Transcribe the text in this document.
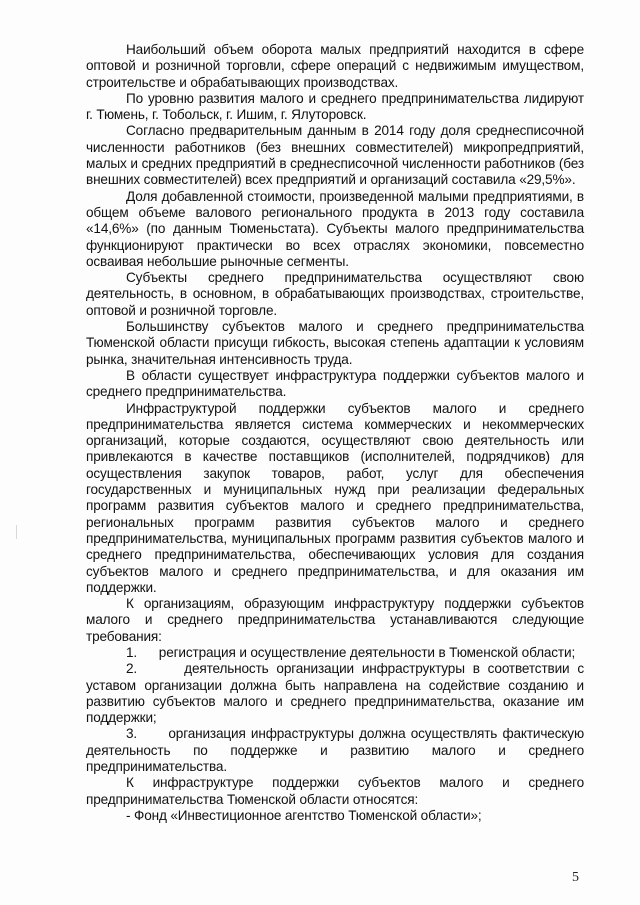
Наибольший объем оборота малых предприятий находится в сфере оптовой и розничной торговли, сфере операций с недвижимым имуществом, строительстве и обрабатывающих производствах.

По уровню развития малого и среднего предпринимательства лидируют г. Тюмень, г. Тобольск, г. Ишим, г. Ялуторовск.

Согласно предварительным данным в 2014 году доля среднесписочной численности работников (без внешних совместителей) микропредприятий, малых и средних предприятий в среднесписочной численности работников (без внешних совместителей) всех предприятий и организаций составила «29,5%».

Доля добавленной стоимости, произведенной малыми предприятиями, в общем объеме валового регионального продукта в 2013 году составила «14,6%» (по данным Тюменьстата). Субъекты малого предпринимательства функционируют практически во всех отраслях экономики, повсеместно осваивая небольшие рыночные сегменты.

Субъекты среднего предпринимательства осуществляют свою деятельность, в основном, в обрабатывающих производствах, строительстве, оптовой и розничной торговле.

Большинству субъектов малого и среднего предпринимательства Тюменской области присущи гибкость, высокая степень адаптации к условиям рынка, значительная интенсивность труда.

В области существует инфраструктура поддержки субъектов малого и среднего предпринимательства.

Инфраструктурой поддержки субъектов малого и среднего предпринимательства является система коммерческих и некоммерческих организаций, которые создаются, осуществляют свою деятельность или привлекаются в качестве поставщиков (исполнителей, подрядчиков) для осуществления закупок товаров, работ, услуг для обеспечения государственных и муниципальных нужд при реализации федеральных программ развития субъектов малого и среднего предпринимательства, региональных программ развития субъектов малого и среднего предпринимательства, муниципальных программ развития субъектов малого и среднего предпринимательства, обеспечивающих условия для создания субъектов малого и среднего предпринимательства, и для оказания им поддержки.

К организациям, образующим инфраструктуру поддержки субъектов малого и среднего предпринимательства устанавливаются следующие требования:

1.      регистрация и осуществление деятельности в Тюменской области;

2.      деятельность организации инфраструктуры в соответствии с уставом организации должна быть направлена на содействие созданию и развитию субъектов малого и среднего предпринимательства, оказание им поддержки;

3.      организация инфраструктуры должна осуществлять фактическую деятельность по поддержке и развитию малого и среднего предпринимательства.

К инфраструктуре поддержки субъектов малого и среднего предпринимательства Тюменской области относятся:

- Фонд «Инвестиционное агентство Тюменской области»;

5
